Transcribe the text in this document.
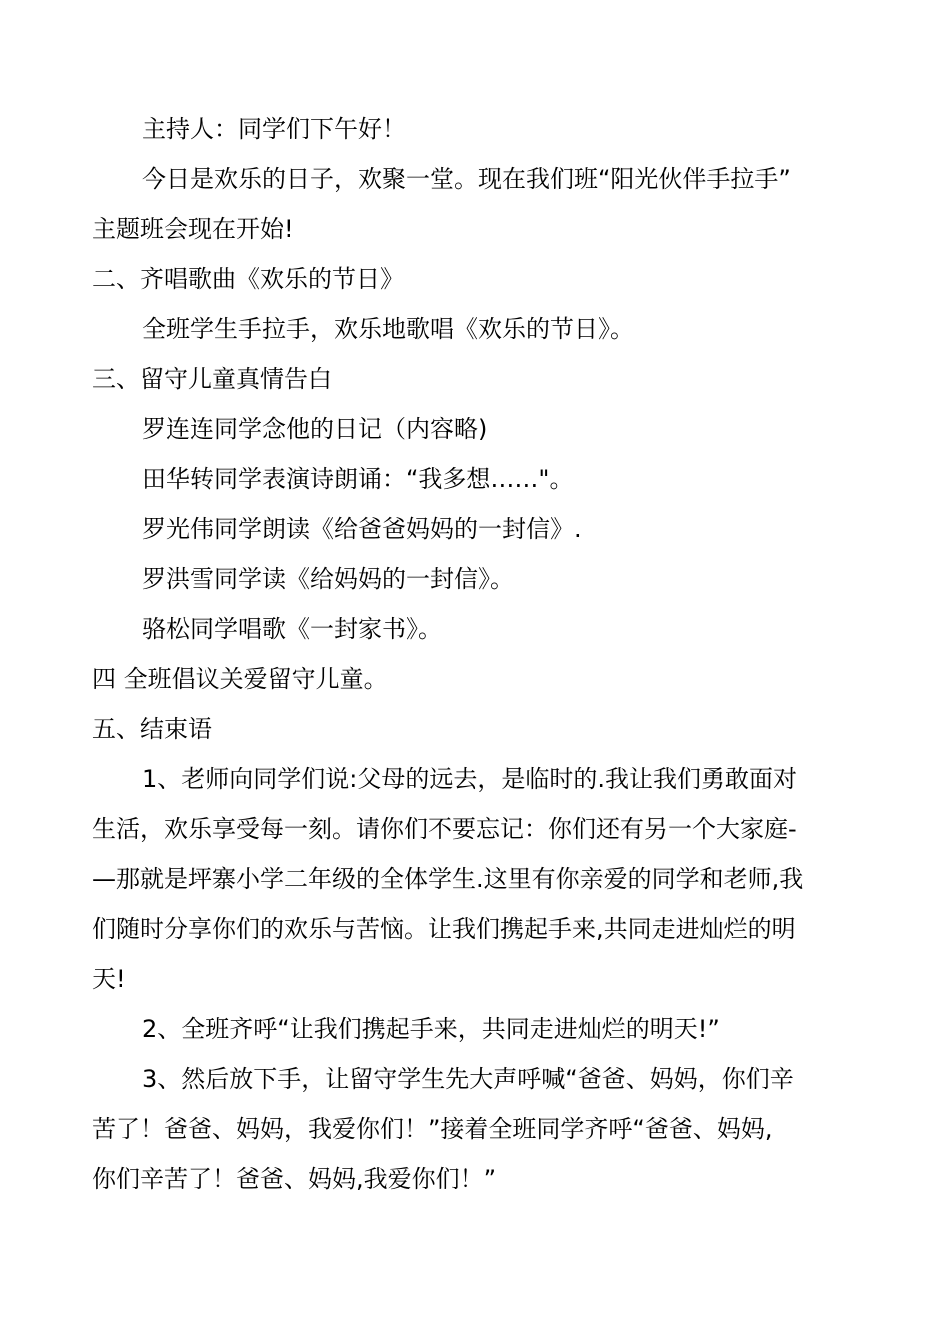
主持人：同学们下午好！
今日是欢乐的日子，欢聚一堂。现在我们班“阳光伙伴手拉手”
主题班会现在开始!
二、齐唱歌曲《欢乐的节日》
全班学生手拉手，欢乐地歌唱《欢乐的节日》。
三、留守儿童真情告白
罗连连同学念他的日记（内容略)
田华转同学表演诗朗诵：“我多想……"。
罗光伟同学朗读《给爸爸妈妈的一封信》.
罗洪雪同学读《给妈妈的一封信》。
骆松同学唱歌《一封家书》。
四 全班倡议关爱留守儿童。
五、结束语
1、老师向同学们说:父母的远去，是临时的.我让我们勇敢面对
生活，欢乐享受每一刻。请你们不要忘记：你们还有另一个大家庭-
—那就是坪寨小学二年级的全体学生.这里有你亲爱的同学和老师,我
们随时分享你们的欢乐与苦恼。让我们携起手来,共同走进灿烂的明
天!
2、全班齐呼“让我们携起手来，共同走进灿烂的明天!”
3、然后放下手，让留守学生先大声呼喊“爸爸、妈妈，你们辛
苦了！爸爸、妈妈，我爱你们！”接着全班同学齐呼“爸爸、妈妈,
你们辛苦了！爸爸、妈妈,我爱你们！”
